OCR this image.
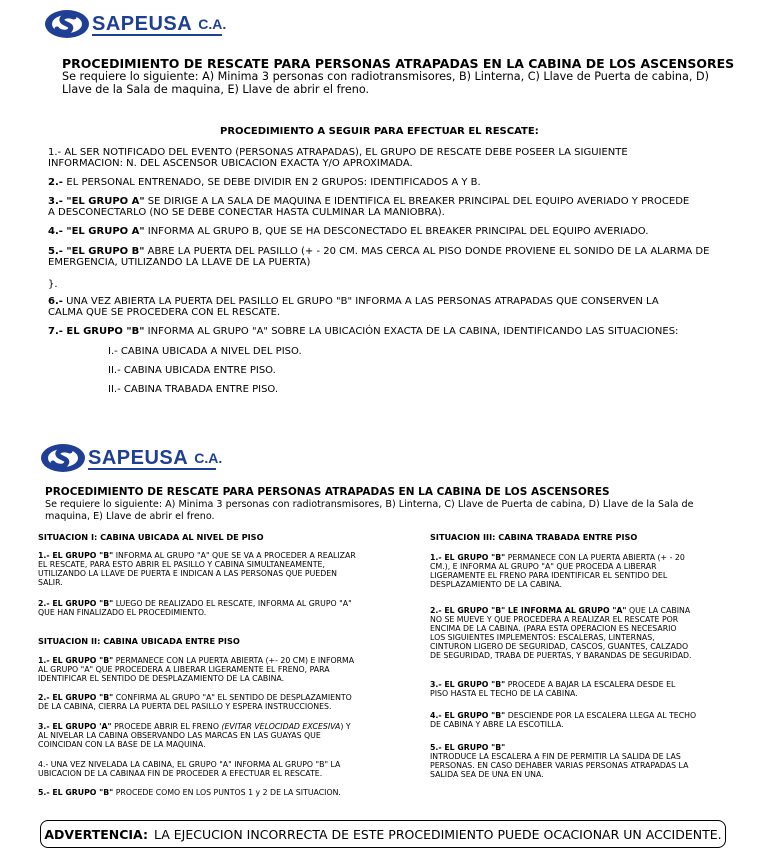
SAPEUSA C.A.
PROCEDIMIENTO DE RESCATE PARA PERSONAS ATRAPADAS EN LA CABINA DE LOS ASCENSORES
Se requiere lo siguiente: A) Minima 3 personas con radiotransmisores, B) Linterna, C) Llave de Puerta de cabina, D)
Llave de la Sala de maquina, E) Llave de abrir el freno.
PROCEDIMIENTO A SEGUIR PARA EFECTUAR EL RESCATE:
1.- AL SER NOTIFICADO DEL EVENTO (PERSONAS ATRAPADAS), EL GRUPO DE RESCATE DEBE POSEER LA SIGUIENTE
INFORMACION: N. DEL ASCENSOR UBICACION EXACTA Y/O APROXIMADA.
2.- EL PERSONAL ENTRENADO, SE DEBE DIVIDIR EN 2 GRUPOS: IDENTIFICADOS A Y B.
3.- "EL GRUPO A" SE DIRIGE A LA SALA DE MAQUINA E IDENTIFICA EL BREAKER PRINCIPAL DEL EQUIPO AVERIADO Y PROCEDE
A DESCONECTARLO (NO SE DEBE CONECTAR HASTA CULMINAR LA MANIOBRA).
4.- "EL GRUPO A" INFORMA AL GRUPO B, QUE SE HA DESCONECTADO EL BREAKER PRINCIPAL DEL EQUIPO AVERIADO.
5.- "EL GRUPO B" ABRE LA PUERTA DEL PASILLO (+ - 20 CM. MAS CERCA AL PISO DONDE PROVIENE EL SONIDO DE LA ALARMA DE
EMERGENCIA, UTILIZANDO LA LLAVE DE LA PUERTA)
}.
6.- UNA VEZ ABIERTA LA PUERTA DEL PASILLO EL GRUPO "B" INFORMA A LAS PERSONAS ATRAPADAS QUE CONSERVEN LA
CALMA QUE SE PROCEDERA CON EL RESCATE.
7.- EL GRUPO "B" INFORMA AL GRUPO "A" SOBRE LA UBICACIÓN EXACTA DE LA CABINA, IDENTIFICANDO LAS SITUACIONES:
I.- CABINA UBICADA A NIVEL DEL PISO.
II.- CABINA UBICADA ENTRE PISO.
II.- CABINA TRABADA ENTRE PISO.
SAPEUSA C.A.
PROCEDIMIENTO DE RESCATE PARA PERSONAS ATRAPADAS EN LA CABINA DE LOS ASCENSORES
Se requiere lo siguiente: A) Minima 3 personas con radiotransmisores, B) Linterna, C) Llave de Puerta de cabina, D) Llave de la Sala de
maquina, E) Llave de abrir el freno.
SITUACION I: CABINA UBICADA AL NIVEL DE PISO
1.- EL GRUPO "B" INFORMA AL GRUPO "A" QUE SE VA A PROCEDER A REALIZAR
EL RESCATE, PARA ESTO ABRIR EL PASILLO Y CABINA SIMULTANEAMENTE,
UTILIZANDO LA LLAVE DE PUERTA E INDICAN A LAS PERSONAS QUE PUEDEN
SALIR.
2.- EL GRUPO "B" LUEGO DE REALIZADO EL RESCATE, INFORMA AL GRUPO "A"
QUE HAN FINALIZADO EL PROCEDIMIENTO.
SITUACION II: CABINA UBICADA ENTRE PISO
1.- EL GRUPO "B" PERMANECE CON LA PUERTA ABIERTA (+- 20 CM) E INFORMA
AL GRUPO "A" QUE PROCEDERA A LIBERAR LIGERAMENTE EL FRENO, PARA
IDENTIFICAR EL SENTIDO DE DESPLAZAMIENTO DE LA CABINA.
2.- EL GRUPO "B" CONFIRMA AL GRUPO "A" EL SENTIDO DE DESPLAZAMIENTO
DE LA CABINA, CIERRA LA PUERTA DEL PASILLO Y ESPERA INSTRUCCIONES.
3.- EL GRUPO 'A" PROCEDE ABRIR EL FRENO (EVITAR VELOCIDAD EXCESIVA) Y
AL NIVELAR LA CABINA OBSERVANDO LAS MARCAS EN LAS GUAYAS QUE
COINCIDAN CON LA BASE DE LA MAQUINA.
4.- UNA VEZ NIVELADA LA CABINA, EL GRUPO "A" INFORMA AL GRUPO "B" LA
UBICACION DE LA CABINAA FIN DE PROCEDER A EFECTUAR EL RESCATE.
5.- EL GRUPO "B" PROCEDE COMO EN LOS PUNTOS 1 y 2 DE LA SITUACION.
SITUACION III: CABINA TRABADA ENTRE PISO
1.- EL GRUPO "B" PERMANECE CON LA PUERTA ABIERTA (+ - 20
CM.), E INFORMA AL GRUPO "A" QUE PROCEDA A LIBERAR
LIGERAMENTE EL FRENO PARA IDENTIFICAR EL SENTIDO DEL
DESPLAZAMIENTO DE LA CABINA.
2.- EL GRUPO "B" LE INFORMA AL GRUPO "A" QUE LA CABINA
NO SE MUEVE Y QUE PROCEDERA A REALIZAR EL RESCATE POR
ENCIMA DE LA CABINA. (PARA ESTA OPERACION ES NECESARIO
LOS SIGUIENTES IMPLEMENTOS: ESCALERAS, LINTERNAS,
CINTURON LIGERO DE SEGURIDAD, CASCOS, GUANTES, CALZADO
DE SEGURIDAD, TRABA DE PUERTAS, Y BARANDAS DE SEGURIDAD.
3.- EL GRUPO "B" PROCEDE A BAJAR LA ESCALERA DESDE EL
PISO HASTA EL TECHO DE LA CABINA.
4.- EL GRUPO "B" DESCIENDE POR LA ESCALERA LLEGA AL TECHO
DE CABINA Y ABRE LA ESCOTILLA.
5.- EL GRUPO "B"
INTRODUCE LA ESCALERA A FIN DE PERMITIR LA SALIDA DE LAS
PERSONAS. EN CASO DEHABER VARIAS PERSONAS ATRAPADAS LA
SALIDA SEA DE UNA EN UNA.
ADVERTENCIA: LA EJECUCION INCORRECTA DE ESTE PROCEDIMIENTO PUEDE OCACIONAR UN ACCIDENTE.
